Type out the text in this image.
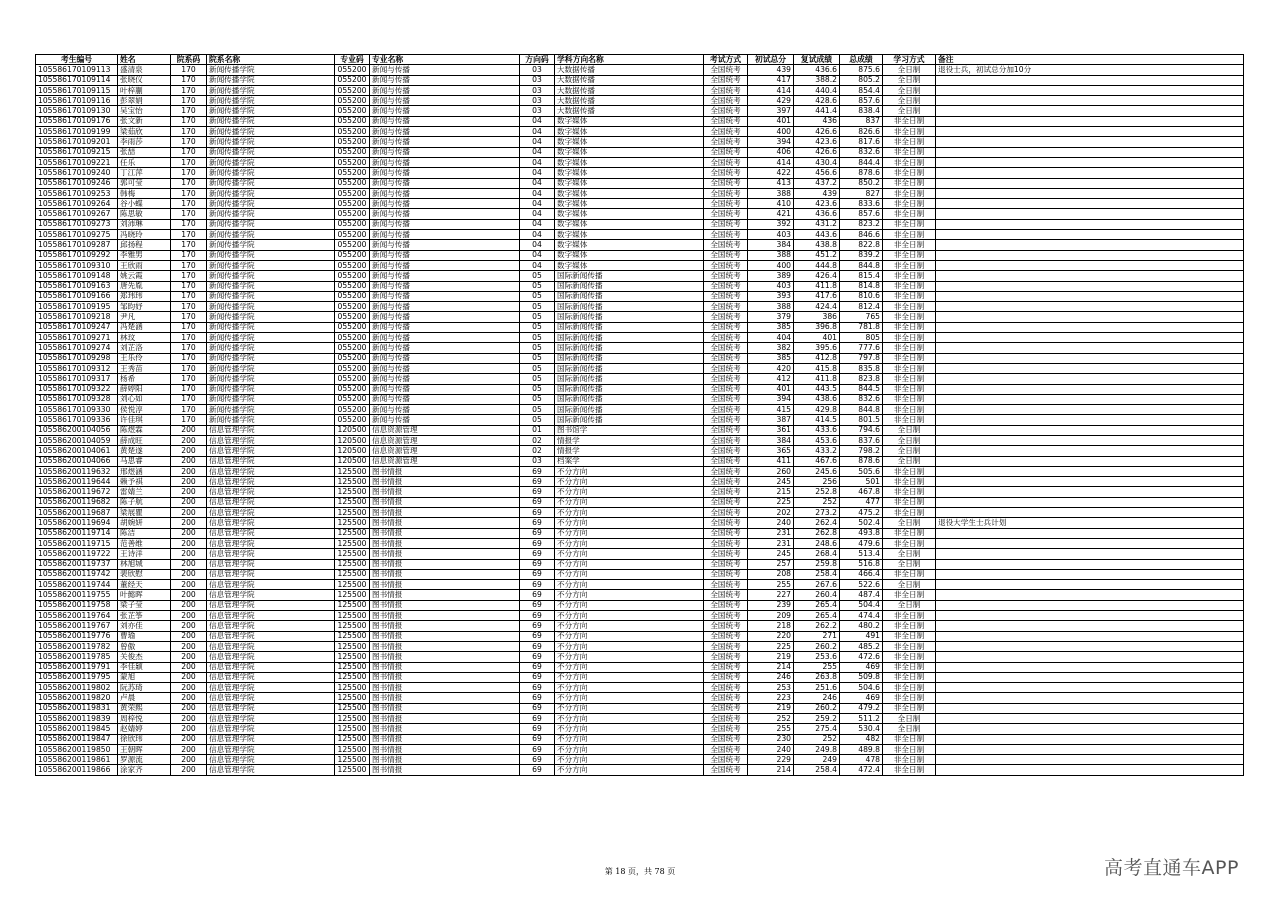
考生编号	姓名	院系码	院系名称	专业码	专业名称	方向码	学科方向名称	考试方式	初试总分	复试成绩	总成绩	学习方式	备注
105586170109113	盛清泉	170	新闻传播学院	055200	新闻与传播	03	大数据传播	全国统考	439	436.6	875.6	全日制	退役士兵，初试总分加10分
105586170109114	张晓仪	170	新闻传播学院	055200	新闻与传播	03	大数据传播	全国统考	417	388.2	805.2	全日制	
105586170109115	叶梓蒯	170	新闻传播学院	055200	新闻与传播	03	大数据传播	全国统考	414	440.4	854.4	全日制	
105586170109116	彭翠娟	170	新闻传播学院	055200	新闻与传播	03	大数据传播	全国统考	429	428.6	857.6	全日制	
105586170109130	吴宝怡	170	新闻传播学院	055200	新闻与传播	03	大数据传播	全国统考	397	441.4	838.4	全日制	
105586170109176	张文新	170	新闻传播学院	055200	新闻与传播	04	数字媒体	全国统考	401	436	837	非全日制	
105586170109199	梁茹欣	170	新闻传播学院	055200	新闻与传播	04	数字媒体	全国统考	400	426.6	826.6	非全日制	
105586170109201	李雨莎	170	新闻传播学院	055200	新闻与传播	04	数字媒体	全国统考	394	423.6	817.6	非全日制	
105586170109215	张喆	170	新闻传播学院	055200	新闻与传播	04	数字媒体	全国统考	406	426.6	832.6	非全日制	
105586170109221	任乐	170	新闻传播学院	055200	新闻与传播	04	数字媒体	全国统考	414	430.4	844.4	非全日制	
105586170109240	丁江萍	170	新闻传播学院	055200	新闻与传播	04	数字媒体	全国统考	422	456.6	878.6	非全日制	
105586170109246	郭可莹	170	新闻传播学院	055200	新闻与传播	04	数字媒体	全国统考	413	437.2	850.2	非全日制	
105586170109253	韩梅	170	新闻传播学院	055200	新闻与传播	04	数字媒体	全国统考	388	439	827	非全日制	
105586170109264	谷小蝶	170	新闻传播学院	055200	新闻与传播	04	数字媒体	全国统考	410	423.6	833.6	非全日制	
105586170109267	陈思敏	170	新闻传播学院	055200	新闻与传播	04	数字媒体	全国统考	421	436.6	857.6	非全日制	
105586170109273	刘沛琳	170	新闻传播学院	055200	新闻与传播	04	数字媒体	全国统考	392	431.2	823.2	非全日制	
105586170109275	冯晓玲	170	新闻传播学院	055200	新闻与传播	04	数字媒体	全国统考	403	443.6	846.6	非全日制	
105586170109287	邱扬程	170	新闻传播学院	055200	新闻与传播	04	数字媒体	全国统考	384	438.8	822.8	非全日制	
105586170109292	李雅男	170	新闻传播学院	055200	新闻与传播	04	数字媒体	全国统考	388	451.2	839.2	非全日制	
105586170109310	王欣雨	170	新闻传播学院	055200	新闻与传播	04	数字媒体	全国统考	400	444.8	844.8	非全日制	
105586170109148	姚云霞	170	新闻传播学院	055200	新闻与传播	05	国际新闻传播	全国统考	389	426.4	815.4	非全日制	
105586170109163	唐先胤	170	新闻传播学院	055200	新闻与传播	05	国际新闻传播	全国统考	403	411.8	814.8	非全日制	
105586170109166	郑玮玮	170	新闻传播学院	055200	新闻与传播	05	国际新闻传播	全国统考	393	417.6	810.6	非全日制	
105586170109195	邹昀妤	170	新闻传播学院	055200	新闻与传播	05	国际新闻传播	全国统考	388	424.4	812.4	非全日制	
105586170109218	尹凡	170	新闻传播学院	055200	新闻与传播	05	国际新闻传播	全国统考	379	386	765	非全日制	
105586170109247	冯楚涵	170	新闻传播学院	055200	新闻与传播	05	国际新闻传播	全国统考	385	396.8	781.8	非全日制	
105586170109271	林玟	170	新闻传播学院	055200	新闻与传播	05	国际新闻传播	全国统考	404	401	805	非全日制	
105586170109274	刘芷洛	170	新闻传播学院	055200	新闻与传播	05	国际新闻传播	全国统考	382	395.6	777.6	非全日制	
105586170109298	王乐伶	170	新闻传播学院	055200	新闻与传播	05	国际新闻传播	全国统考	385	412.8	797.8	非全日制	
105586170109312	王秀苗	170	新闻传播学院	055200	新闻与传播	05	国际新闻传播	全国统考	420	415.8	835.8	非全日制	
105586170109317	杨希	170	新闻传播学院	055200	新闻与传播	05	国际新闻传播	全国统考	412	411.8	823.8	非全日制	
105586170109322	薛婷阳	170	新闻传播学院	055200	新闻与传播	05	国际新闻传播	全国统考	401	443.5	844.5	非全日制	
105586170109328	刘心如	170	新闻传播学院	055200	新闻与传播	05	国际新闻传播	全国统考	394	438.6	832.6	非全日制	
105586170109330	侯悦淳	170	新闻传播学院	055200	新闻与传播	05	国际新闻传播	全国统考	415	429.8	844.8	非全日制	
105586170109336	许佳琪	170	新闻传播学院	055200	新闻与传播	05	国际新闻传播	全国统考	387	414.5	801.5	非全日制	
105586200104056	陈煜霖	200	信息管理学院	120500	信息资源管理	01	图书馆学	全国统考	361	433.6	794.6	全日制	
105586200104059	薛成旺	200	信息管理学院	120500	信息资源管理	02	情报学	全国统考	384	453.6	837.6	全日制	
105586200104061	黄楚遂	200	信息管理学院	120500	信息资源管理	02	情报学	全国统考	365	433.2	798.2	全日制	
105586200104066	马思睿	200	信息管理学院	120500	信息资源管理	03	档案学	全国统考	411	467.6	878.6	全日制	
105586200119632	邢煜涵	200	信息管理学院	125500	图书情报	69	不分方向	全国统考	260	245.6	505.6	非全日制	
105586200119644	赖予祺	200	信息管理学院	125500	图书情报	69	不分方向	全国统考	245	256	501	非全日制	
105586200119672	雷婧兰	200	信息管理学院	125500	图书情报	69	不分方向	全国统考	215	252.8	467.8	非全日制	
105586200119682	陈子航	200	信息管理学院	125500	图书情报	69	不分方向	全国统考	225	252	477	非全日制	
105586200119687	梁展瞿	200	信息管理学院	125500	图书情报	69	不分方向	全国统考	202	273.2	475.2	非全日制	
105586200119694	胡婉妍	200	信息管理学院	125500	图书情报	69	不分方向	全国统考	240	262.4	502.4	全日制	退役大学生士兵计划
105586200119714	陈洁	200	信息管理学院	125500	图书情报	69	不分方向	全国统考	231	262.8	493.8	非全日制	
105586200119715	范善维	200	信息管理学院	125500	图书情报	69	不分方向	全国统考	231	248.6	479.6	非全日制	
105586200119722	王诗洋	200	信息管理学院	125500	图书情报	69	不分方向	全国统考	245	268.4	513.4	全日制	
105586200119737	林旭城	200	信息管理学院	125500	图书情报	69	不分方向	全国统考	257	259.8	516.8	全日制	
105586200119742	裴欣慰	200	信息管理学院	125500	图书情报	69	不分方向	全国统考	208	258.4	466.4	非全日制	
105586200119744	董经天	200	信息管理学院	125500	图书情报	69	不分方向	全国统考	255	267.6	522.6	全日制	
105586200119755	叶懿晖	200	信息管理学院	125500	图书情报	69	不分方向	全国统考	227	260.4	487.4	非全日制	
105586200119758	梁子莹	200	信息管理学院	125500	图书情报	69	不分方向	全国统考	239	265.4	504.4	全日制	
105586200119764	张芷筝	200	信息管理学院	125500	图书情报	69	不分方向	全国统考	209	265.4	474.4	非全日制	
105586200119767	刘亦佳	200	信息管理学院	125500	图书情报	69	不分方向	全国统考	218	262.2	480.2	非全日制	
105586200119776	曹瑜	200	信息管理学院	125500	图书情报	69	不分方向	全国统考	220	271	491	非全日制	
105586200119782	曾傲	200	信息管理学院	125500	图书情报	69	不分方向	全国统考	225	260.2	485.2	非全日制	
105586200119785	关俊杰	200	信息管理学院	125500	图书情报	69	不分方向	全国统考	219	253.6	472.6	非全日制	
105586200119791	李佳颖	200	信息管理学院	125500	图书情报	69	不分方向	全国统考	214	255	469	非全日制	
105586200119795	蒙旭	200	信息管理学院	125500	图书情报	69	不分方向	全国统考	246	263.8	509.8	非全日制	
105586200119802	阮苏琦	200	信息管理学院	125500	图书情报	69	不分方向	全国统考	253	251.6	504.6	非全日制	
105586200119820	卢晨	200	信息管理学院	125500	图书情报	69	不分方向	全国统考	223	246	469	非全日制	
105586200119831	黄荣熙	200	信息管理学院	125500	图书情报	69	不分方向	全国统考	219	260.2	479.2	非全日制	
105586200119839	周梓悦	200	信息管理学院	125500	图书情报	69	不分方向	全国统考	252	259.2	511.2	全日制	
105586200119845	赵婧婷	200	信息管理学院	125500	图书情报	69	不分方向	全国统考	255	275.4	530.4	全日制	
105586200119847	徐欣玮	200	信息管理学院	125500	图书情报	69	不分方向	全国统考	230	252	482	非全日制	
105586200119850	王朝晖	200	信息管理学院	125500	图书情报	69	不分方向	全国统考	240	249.8	489.8	非全日制	
105586200119861	罗源流	200	信息管理学院	125500	图书情报	69	不分方向	全国统考	229	249	478	非全日制	
105586200119866	涂家齐	200	信息管理学院	125500	图书情报	69	不分方向	全国统考	214	258.4	472.4	非全日制	
第 18 页，共 78 页	高考直通车APP
